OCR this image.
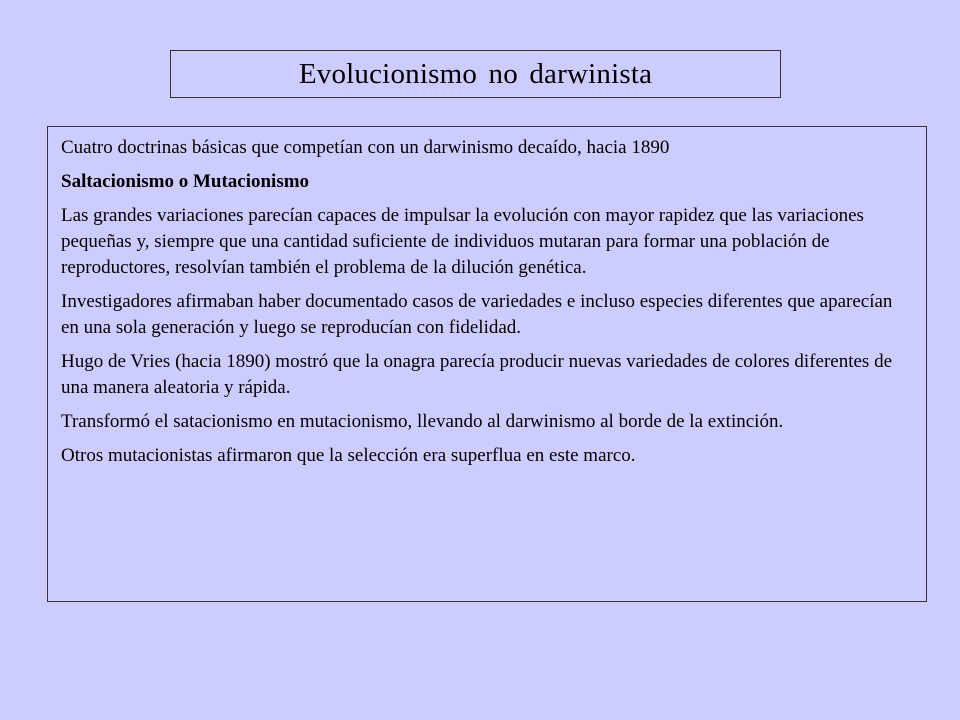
Evolucionismo no darwinista

Cuatro doctrinas básicas que competían con un darwinismo decaído, hacia 1890

Saltacionismo o Mutacionismo

Las grandes variaciones parecían capaces de impulsar la evolución con mayor rapidez que las variaciones pequeñas y, siempre que una cantidad suficiente de individuos mutaran para formar una población de reproductores, resolvían también el problema de la dilución genética.

Investigadores afirmaban haber documentado casos de variedades e incluso especies diferentes que aparecían en una sola generación y luego se reproducían con fidelidad.

Hugo de Vries (hacia 1890) mostró que la onagra parecía producir nuevas variedades de colores diferentes de una manera aleatoria y rápida.

Transformó el satacionismo en mutacionismo, llevando al darwinismo al borde de la extinción.

Otros mutacionistas afirmaron que la selección era superflua en este marco.
